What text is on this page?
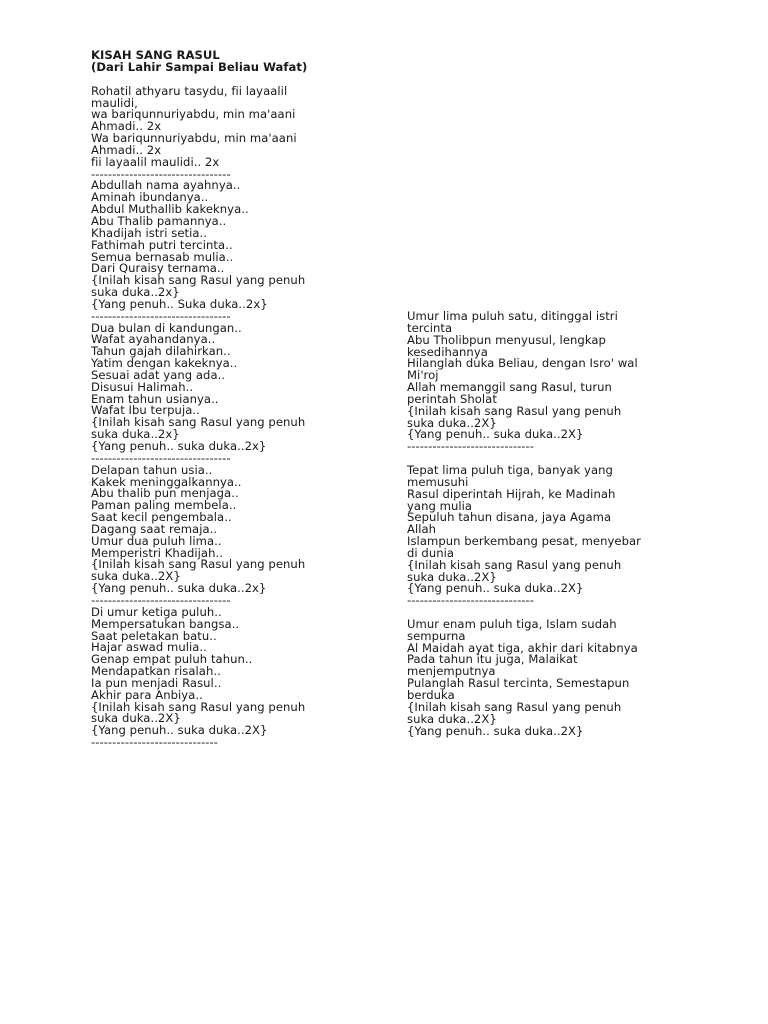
KISAH SANG RASUL
(Dari Lahir Sampai Beliau Wafat)
Rohatil athyaru tasydu, fii layaalil
maulidi,
wa bariqunnuriyabdu, min ma'aani
Ahmadi.. 2x
Wa bariqunnuriyabdu, min ma'aani
Ahmadi.. 2x
fii layaalil maulidi.. 2x
---------------------------------
Abdullah nama ayahnya..
Aminah ibundanya..
Abdul Muthallib kakeknya..
Abu Thalib pamannya..
Khadijah istri setia..
Fathimah putri tercinta..
Semua bernasab mulia..
Dari Quraisy ternama..
{Inilah kisah sang Rasul yang penuh
suka duka..2x}
{Yang penuh.. Suka duka..2x}
---------------------------------
Dua bulan di kandungan..
Wafat ayahandanya..
Tahun gajah dilahirkan..
Yatim dengan kakeknya..
Sesuai adat yang ada..
Disusui Halimah..
Enam tahun usianya..
Wafat Ibu terpuja..
{Inilah kisah sang Rasul yang penuh
suka duka..2x}
{Yang penuh.. suka duka..2x}
---------------------------------
Delapan tahun usia..
Kakek meninggalkannya..
Abu thalib pun menjaga..
Paman paling membela..
Saat kecil pengembala..
Dagang saat remaja..
Umur dua puluh lima..
Memperistri Khadijah..
{Inilah kisah sang Rasul yang penuh
suka duka..2X}
{Yang penuh.. suka duka..2x}
---------------------------------
Di umur ketiga puluh..
Mempersatukan bangsa..
Saat peletakan batu..
Hajar aswad mulia..
Genap empat puluh tahun..
Mendapatkan risalah..
Ia pun menjadi Rasul..
Akhir para Anbiya..
{Inilah kisah sang Rasul yang penuh
suka duka..2X}
{Yang penuh.. suka duka..2X}
------------------------------
Umur lima puluh satu, ditinggal istri
tercinta
Abu Tholibpun menyusul, lengkap
kesedihannya
Hilanglah duka Beliau, dengan Isro' wal
Mi'roj
Allah memanggil sang Rasul, turun
perintah Sholat
{Inilah kisah sang Rasul yang penuh
suka duka..2X}
{Yang penuh.. suka duka..2X}
------------------------------
Tepat lima puluh tiga, banyak yang
memusuhi
Rasul diperintah Hijrah, ke Madinah
yang mulia
Sepuluh tahun disana, jaya Agama
Allah
Islampun berkembang pesat, menyebar
di dunia
{Inilah kisah sang Rasul yang penuh
suka duka..2X}
{Yang penuh.. suka duka..2X}
------------------------------
Umur enam puluh tiga, Islam sudah
sempurna
Al Maidah ayat tiga, akhir dari kitabnya
Pada tahun itu juga, Malaikat
menjemputnya
Pulanglah Rasul tercinta, Semestapun
berduka
{Inilah kisah sang Rasul yang penuh
suka duka..2X}
{Yang penuh.. suka duka..2X}
